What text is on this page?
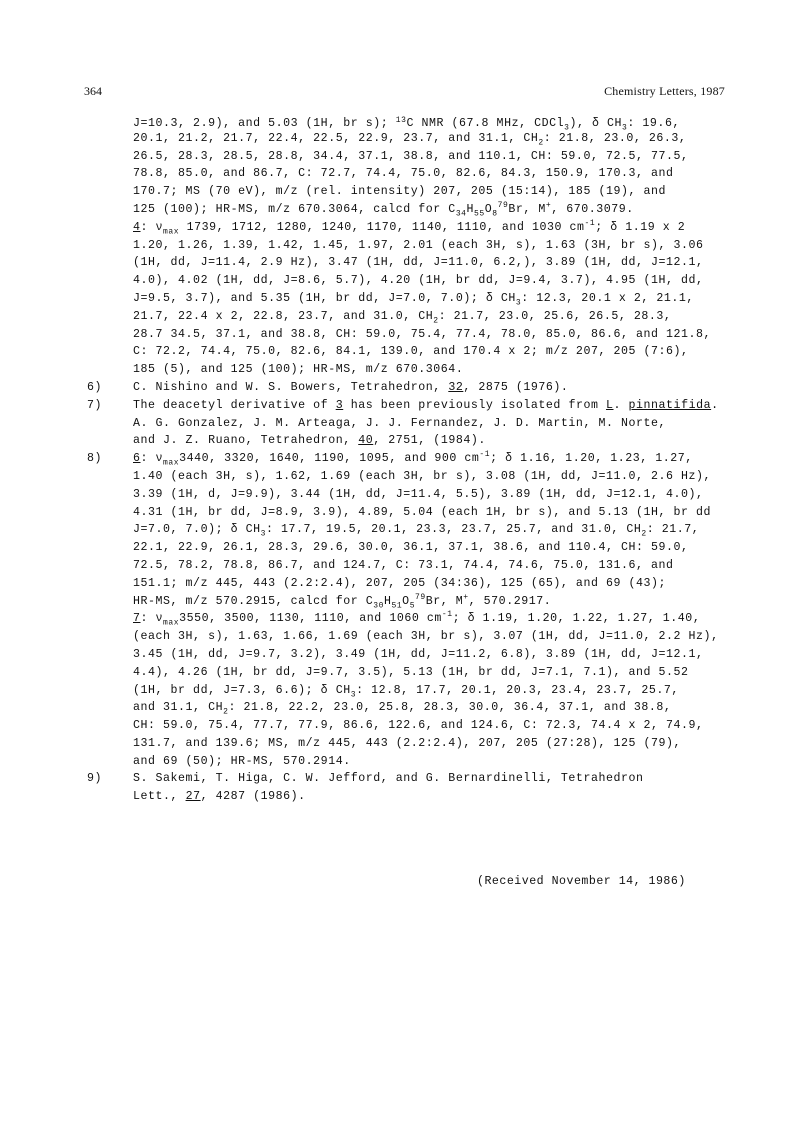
364	Chemistry Letters, 1987
J=10.3, 2.9), and 5.03 (1H, br s); $^{13}$C NMR (67.8 MHz, CDCl$_3$), δ $CH_3$: 19.6,
20.1, 21.2, 21.7, 22.4, 22.5, 22.9, 23.7, and 31.1, $CH_2$: 21.8, 23.0, 26.3,
26.5, 28.3, 28.5, 28.8, 34.4, 37.1, 38.8, and 110.1, CH: 59.0, 72.5, 77.5,
78.8, 85.0, and 86.7, C: 72.7, 74.4, 75.0, 82.6, 84.3, 150.9, 170.3, and
170.7; MS (70 eV), m/z (rel. intensity) 207, 205 (15:14), 185 (19), and
125 (100); HR-MS, m/z 670.3064, calcd for $C_{34}H_{55}O_8^{79}Br$, M+, 670.3079.
4: $\nu_{max}$ 1739, 1712, 1280, 1240, 1170, 1140, 1110, and 1030 $cm^{-1}$; δ 1.19 x 2
1.20, 1.26, 1.39, 1.42, 1.45, 1.97, 2.01 (each 3H, s), 1.63 (3H, br s), 3.06
(1H, dd, J=11.4, 2.9 Hz), 3.47 (1H, dd, J=11.0, 6.2,), 3.89 (1H, dd, J=12.1,
4.0), 4.02 (1H, dd, J=8.6, 5.7), 4.20 (1H, br dd, J=9.4, 3.7), 4.95 (1H, dd,
J=9.5, 3.7), and 5.35 (1H, br dd, J=7.0, 7.0); δ $CH_3$: 12.3, 20.1 x 2, 21.1,
21.7, 22.4 x 2, 22.8, 23.7, and 31.0, $CH_2$: 21.7, 23.0, 25.6, 26.5, 28.3,
28.7 34.5, 37.1, and 38.8, CH: 59.0, 75.4, 77.4, 78.0, 85.0, 86.6, and 121.8,
C: 72.2, 74.4, 75.0, 82.6, 84.1, 139.0, and 170.4 x 2; m/z 207, 205 (7:6),
185 (5), and 125 (100); HR-MS, m/z 670.3064.
6)	C. Nishino and W. S. Bowers, Tetrahedron, 32, 2875 (1976).
7)	The deacetyl derivative of 3 has been previously isolated from L. pinnatifida.
A. G. Gonzalez, J. M. Arteaga, J. J. Fernandez, J. D. Martin, M. Norte,
and J. Z. Ruano, Tetrahedron, 40, 2751, (1984).
8)	6: $\nu_{max}3440$, 3320, 1640, 1190, 1095, and 900 $cm^{-1}$; δ 1.16, 1.20, 1.23, 1.27,
1.40 (each 3H, s), 1.62, 1.69 (each 3H, br s), 3.08 (1H, dd, J=11.0, 2.6 Hz),
3.39 (1H, d, J=9.9), 3.44 (1H, dd, J=11.4, 5.5), 3.89 (1H, dd, J=12.1, 4.0),
4.31 (1H, br dd, J=8.9, 3.9), 4.89, 5.04 (each 1H, br s), and 5.13 (1H, br dd
J=7.0, 7.0); δ $CH_3$: 17.7, 19.5, 20.1, 23.3, 23.7, 25.7, and 31.0, $CH_2$: 21.7,
22.1, 22.9, 26.1, 28.3, 29.6, 30.0, 36.1, 37.1, 38.6, and 110.4, CH: 59.0,
72.5, 78.2, 78.8, 86.7, and 124.7, C: 73.1, 74.4, 74.6, 75.0, 131.6, and
151.1; m/z 445, 443 (2.2:2.4), 207, 205 (34:36), 125 (65), and 69 (43);
HR-MS, m/z 570.2915, calcd for $C_{30}H_{51}O_5^{79}Br$, M+, 570.2917.
7: $\nu_{max}3550$, 3500, 1130, 1110, and 1060 $cm^{-1}$; δ 1.19, 1.20, 1.22, 1.27, 1.40,
(each 3H, s), 1.63, 1.66, 1.69 (each 3H, br s), 3.07 (1H, dd, J=11.0, 2.2 Hz),
3.45 (1H, dd, J=9.7, 3.2), 3.49 (1H, dd, J=11.2, 6.8), 3.89 (1H, dd, J=12.1,
4.4), 4.26 (1H, br dd, J=9.7, 3.5), 5.13 (1H, br dd, J=7.1, 7.1), and 5.52
(1H, br dd, J=7.3, 6.6); δ $CH_3$: 12.8, 17.7, 20.1, 20.3, 23.4, 23.7, 25.7,
and 31.1, $CH_2$: 21.8, 22.2, 23.0, 25.8, 28.3, 30.0, 36.4, 37.1, and 38.8,
CH: 59.0, 75.4, 77.7, 77.9, 86.6, 122.6, and 124.6, C: 72.3, 74.4 x 2, 74.9,
131.7, and 139.6; MS, m/z 445, 443 (2.2:2.4), 207, 205 (27:28), 125 (79),
and 69 (50); HR-MS, 570.2914.
9)	S. Sakemi, T. Higa, C. W. Jefford, and G. Bernardinelli, Tetrahedron
Lett., 27, 4287 (1986).
(Received November 14, 1986)
